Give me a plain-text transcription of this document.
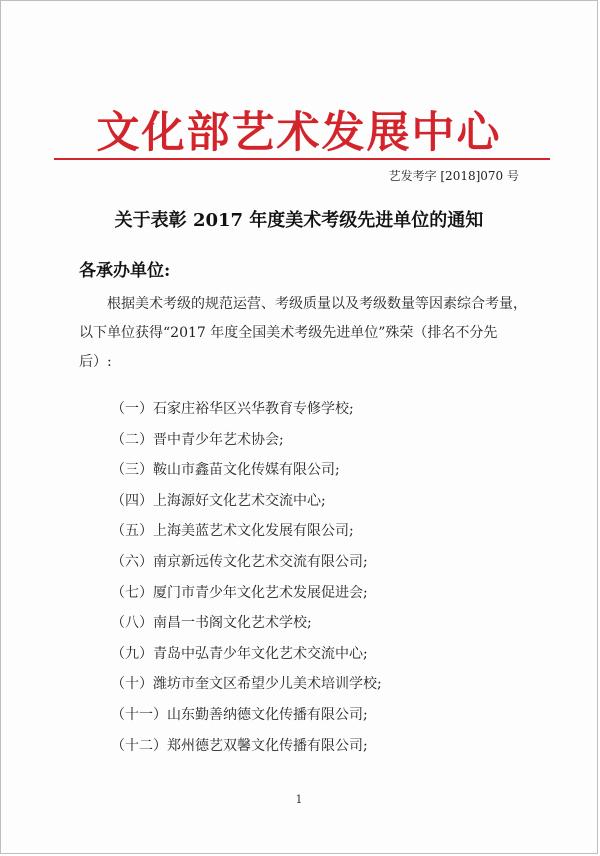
文化部艺术发展中心
艺发考字 [2018]070 号
关于表彰 2017 年度美术考级先进单位的通知
各承办单位:

根据美术考级的规范运营、考级质量以及考级数量等因素综合考量，以下单位获得“2017 年度全国美术考级先进单位”殊荣（排名不分先后）:

（一）石家庄裕华区兴华教育专修学校;
（二）晋中青少年艺术协会;
（三）鞍山市鑫苗文化传媒有限公司;
（四）上海源好文化艺术交流中心;
（五）上海美蓝艺术文化发展有限公司;
（六）南京新远传文化艺术交流有限公司;
（七）厦门市青少年文化艺术发展促进会;
（八）南昌一书阁文化艺术学校;
（九）青岛中弘青少年文化艺术交流中心;
（十）潍坊市奎文区希望少儿美术培训学校;
（十一）山东勤善纳德文化传播有限公司;
（十二）郑州德艺双馨文化传播有限公司;
1
